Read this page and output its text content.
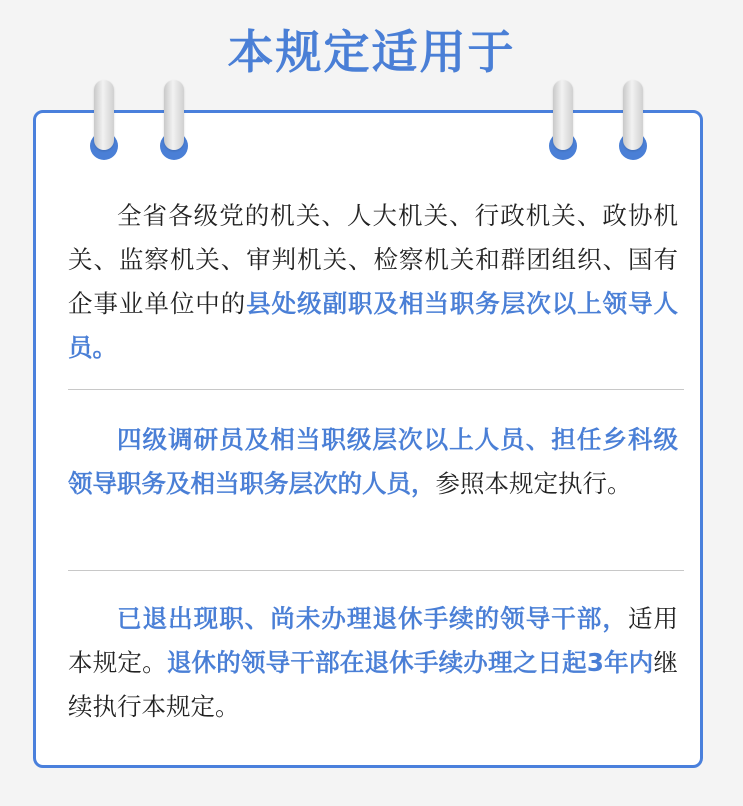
本规定适用于
全省各级党的机关、人大机关、行政机关、政协机关、监察机关、审判机关、检察机关和群团组织、国有企事业单位中的县处级副职及相当职务层次以上领导人员。
四级调研员及相当职级层次以上人员、担任乡科级领导职务及相当职务层次的人员，参照本规定执行。
已退出现职、尚未办理退休手续的领导干部，适用本规定。退休的领导干部在退休手续办理之日起3年内继续执行本规定。
